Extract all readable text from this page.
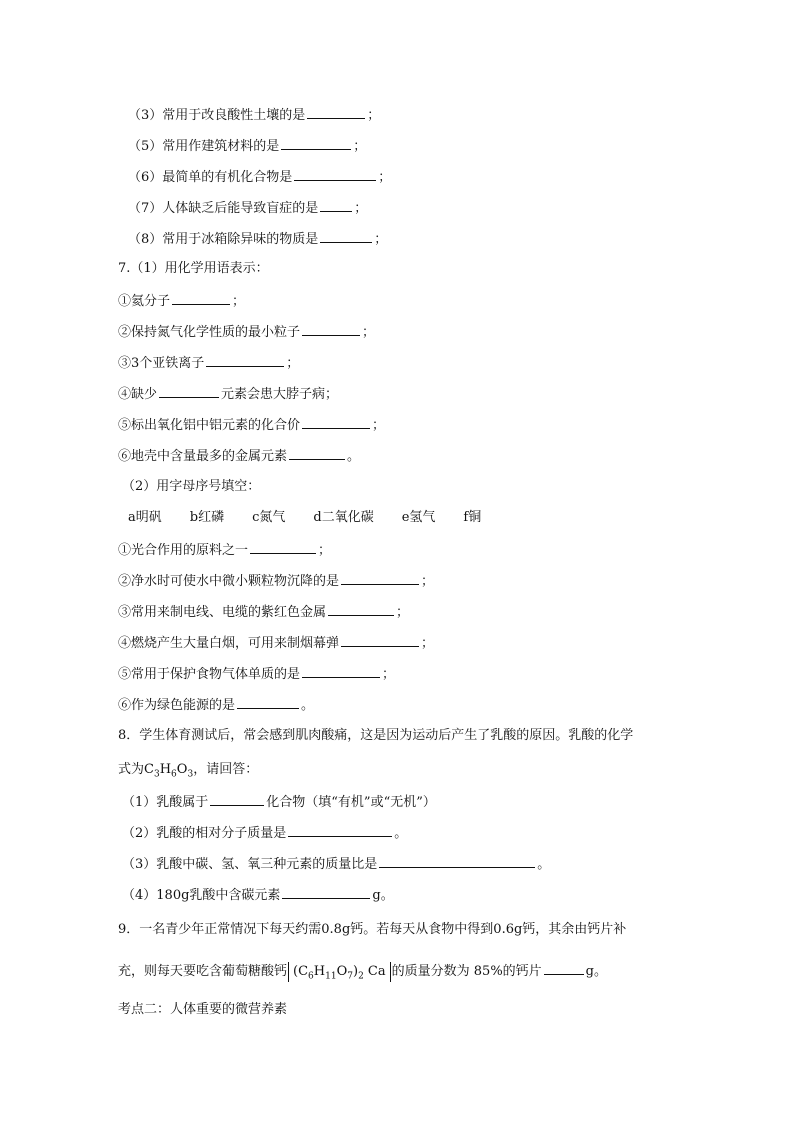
（3）常用于改良酸性土壤的是	；
（5）常用作建筑材料的是	；
（6）最简单的有机化合物是	；
（7）人体缺乏后能导致盲症的是	；
（8）常用于冰箱除异味的物质是	；
7.（1）用化学用语表示：
①氦分子	；
②保持氮气化学性质的最小粒子	；
③3个亚铁离子	；
④缺少	元素会患大脖子病；
⑤标出氧化铝中铝元素的化合价	；
⑥地壳中含量最多的金属元素	。
（2）用字母序号填空：
a明矾 b红磷 c氮气 d二氧化碳 e氢气 f铜
①光合作用的原料之一	；
②净水时可使水中微小颗粒物沉降的是	；
③常用来制电线、电缆的紫红色金属	；
④燃烧产生大量白烟，可用来制烟幕弹	；
⑤常用于保护食物气体单质的是	；
⑥作为绿色能源的是	。
8．学生体育测试后，常会感到肌肉酸痛，这是因为运动后产生了乳酸的原因。乳酸的化学
式为$C_3H_6O_3$，请回答：
（1）乳酸属于	化合物（填“有机”或“无机”）
（2）乳酸的相对分子质量是	。
（3）乳酸中碳、氢、氧三种元素的质量比是	。
（4）180g乳酸中含碳元素	g。
9．一名青少年正常情况下每天约需0.8g钙。若每天从食物中得到0.6g钙，其余由钙片补
充，则每天要吃含葡萄糖酸钙 $(C_6H_{11}O_7)_2$ Ca 的质量分数为 85%的钙片	g。
考点二：人体重要的微营养素
